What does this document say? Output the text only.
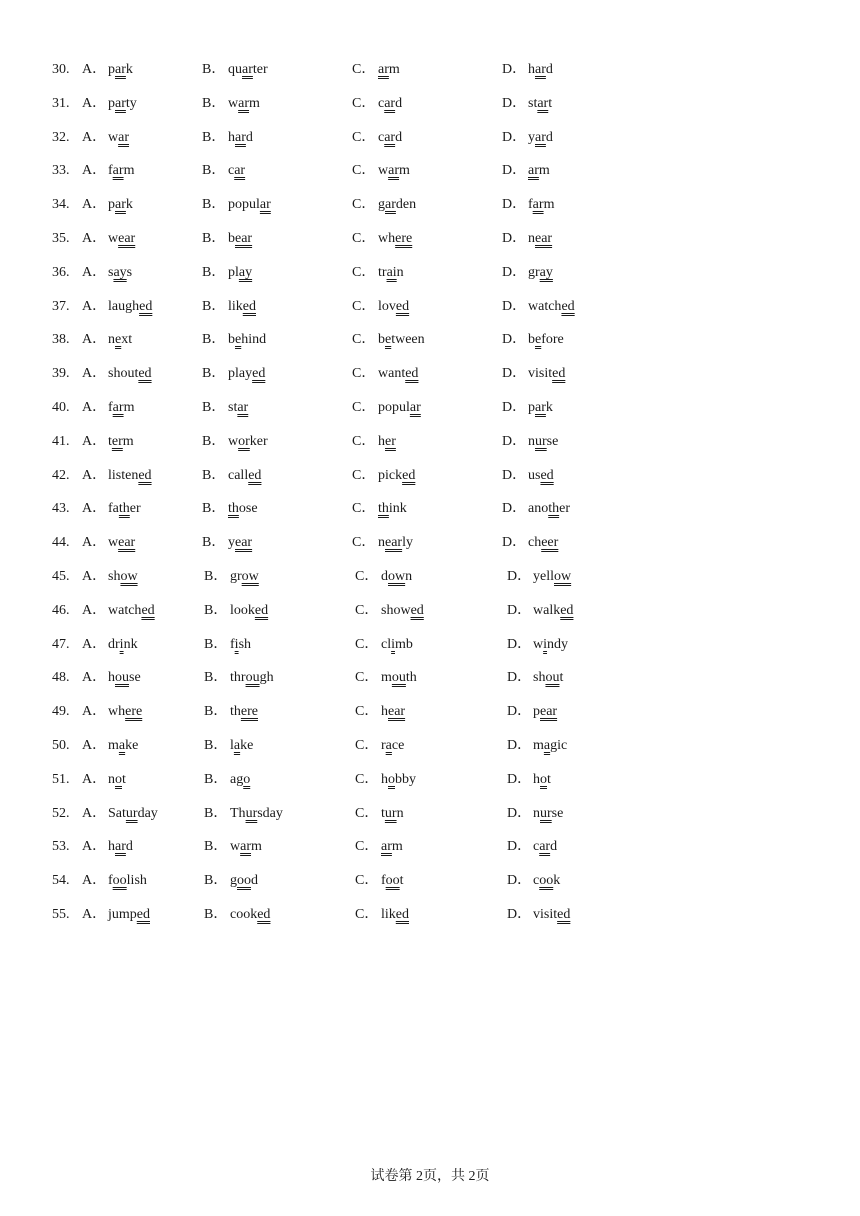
30. A． park	B． quarter	C． arm	D． hard
31. A． party	B． warm	C． card	D． start
32. A． war	B． hard	C． card	D． yard
33. A． farm	B． car	C． warm	D． arm
34. A． park	B． popular	C． garden	D． farm
35. A． wear	B． bear	C． where	D． near
36. A． says	B． play	C． train	D． gray
37. A． laughed	B． liked	C． loved	D． watched
38. A． next	B． behind	C． between	D． before
39. A． shouted	B． played	C． wanted	D． visited
40. A． farm	B． star	C． popular	D． park
41. A． term	B． worker	C． her	D． nurse
42. A． listened	B． called	C． picked	D． used
43. A． father	B． those	C． think	D． another
44. A． wear	B． year	C． nearly	D． cheer
45. A． show	B． grow	C． down	D． yellow
46. A． watched	B． looked	C． showed	D． walked
47. A． drink	B． fish	C． climb	D． windy
48. A． house	B． through	C． mouth	D． shout
49. A． where	B． there	C． hear	D． pear
50. A． make	B． lake	C． race	D． magic
51. A． not	B． ago	C． hobby	D． hot
52. A． Saturday	B． Thursday	C． turn	D． nurse
53. A． hard	B． warm	C． arm	D． card
54. A． foolish	B． good	C． foot	D． cook
55. A． jumped	B． cooked	C． liked	D． visited
试卷第 2页，共 2页
